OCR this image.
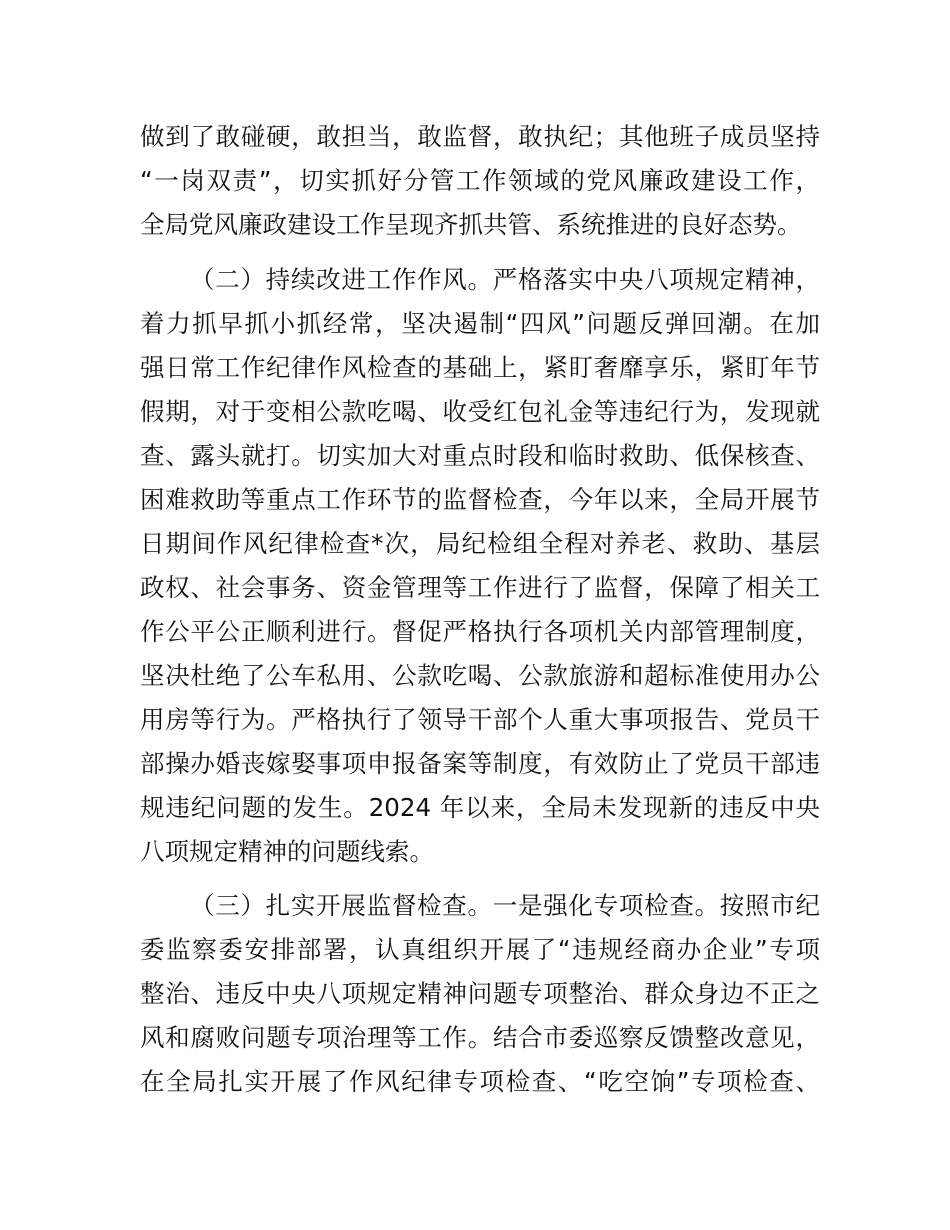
做到了敢碰硬，敢担当，敢监督，敢执纪；其他班子成员坚持

“一岗双责”，切实抓好分管工作领域的党风廉政建设工作，

全局党风廉政建设工作呈现齐抓共管、系统推进的良好态势。

（二）持续改进工作作风。严格落实中央八项规定精神，

着力抓早抓小抓经常，坚决遏制“四风”问题反弹回潮。在加

强日常工作纪律作风检查的基础上，紧盯奢靡享乐，紧盯年节

假期，对于变相公款吃喝、收受红包礼金等违纪行为，发现就

查、露头就打。切实加大对重点时段和临时救助、低保核查、

困难救助等重点工作环节的监督检查，今年以来，全局开展节

日期间作风纪律检查*次，局纪检组全程对养老、救助、基层

政权、社会事务、资金管理等工作进行了监督，保障了相关工

作公平公正顺利进行。督促严格执行各项机关内部管理制度，

坚决杜绝了公车私用、公款吃喝、公款旅游和超标准使用办公

用房等行为。严格执行了领导干部个人重大事项报告、党员干

部操办婚丧嫁娶事项申报备案等制度，有效防止了党员干部违

规违纪问题的发生。2024 年以来，全局未发现新的违反中央

八项规定精神的问题线索。

（三）扎实开展监督检查。一是强化专项检查。按照市纪

委监察委安排部署，认真组织开展了“违规经商办企业”专项

整治、违反中央八项规定精神问题专项整治、群众身边不正之

风和腐败问题专项治理等工作。结合市委巡察反馈整改意见，

在全局扎实开展了作风纪律专项检查、“吃空饷”专项检查、
